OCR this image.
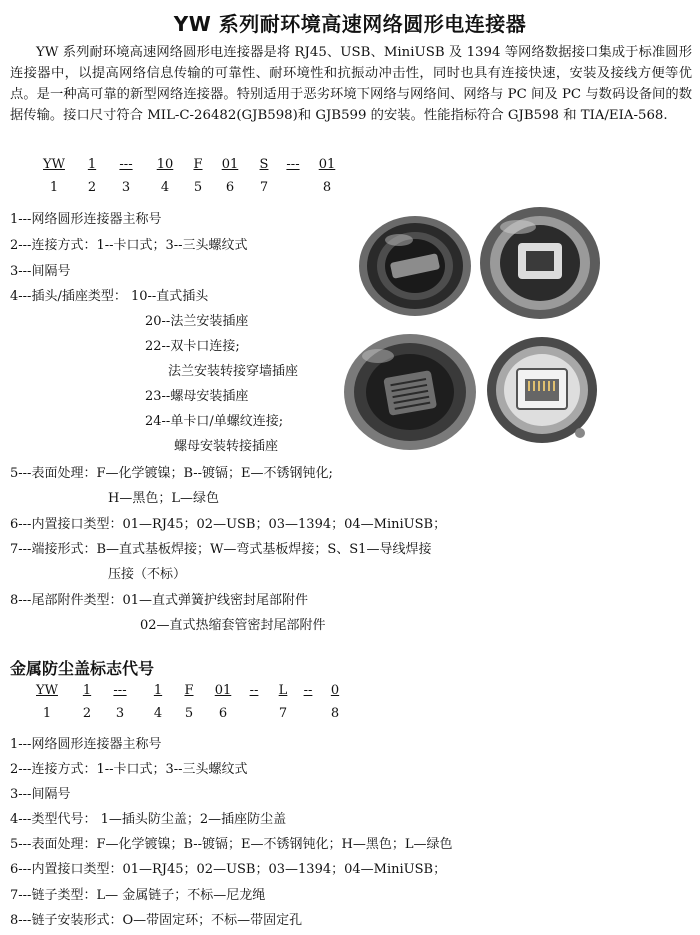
YW 系列耐环境高速网络圆形电连接器

YW 系列耐环境高速网络圆形电连接器是将 RJ45、USB、MiniUSB 及 1394 等网络数据接口集成于标准圆形连接器中，以提高网络信息传输的可靠性、耐环境性和抗振动冲击性，同时也具有连接快速，安装及接线方便等优点。是一种高可靠的新型网络连接器。特别适用于恶劣环境下网络与网络间、网络与 PC 间及 PC 与数码设备间的数据传输。接口尺寸符合 MIL-C-26482(GJB598)和 GJB599 的安装。性能指标符合 GJB598 和 TIA/EIA-568.

YW	1	---	10	F	01	S	---	01
1	2	3	4	5	6	7	8
1---网络圆形连接器主称号
2---连接方式：1--卡口式；3--三头螺纹式
3---间隔号
4---插头/插座类型： 10--直式插头
20--法兰安装插座
22--双卡口连接;
法兰安装转接穿墙插座
23--螺母安装插座
24--单卡口/单螺纹连接;
螺母安装转接插座
5---表面处理：F—化学镀镍；B--镀镉；E—不锈钢钝化;
H—黑色；L—绿色
6---内置接口类型：01—RJ45；02—USB；03—1394；04—MiniUSB；
7---端接形式：B—直式基板焊接；W—弯式基板焊接；S、S1—导线焊接
压接（不标）
8---尾部附件类型：01—直式弹簧护线密封尾部附件
02—直式热缩套管密封尾部附件
金属防尘盖标志代号
YW	1	---	1	F	01	--	L	--	0
1	2	3	4	5	6	7	8
1---网络圆形连接器主称号
2---连接方式：1--卡口式；3--三头螺纹式
3---间隔号
4---类型代号： 1—插头防尘盖；2—插座防尘盖
5---表面处理：F—化学镀镍；B--镀镉；E—不锈钢钝化；H—黑色；L—绿色
6---内置接口类型：01—RJ45；02—USB；03—1394；04—MiniUSB；
7---链子类型：L— 金属链子；不标—尼龙绳
8---链子安装形式：O—带固定环；不标—带固定孔
